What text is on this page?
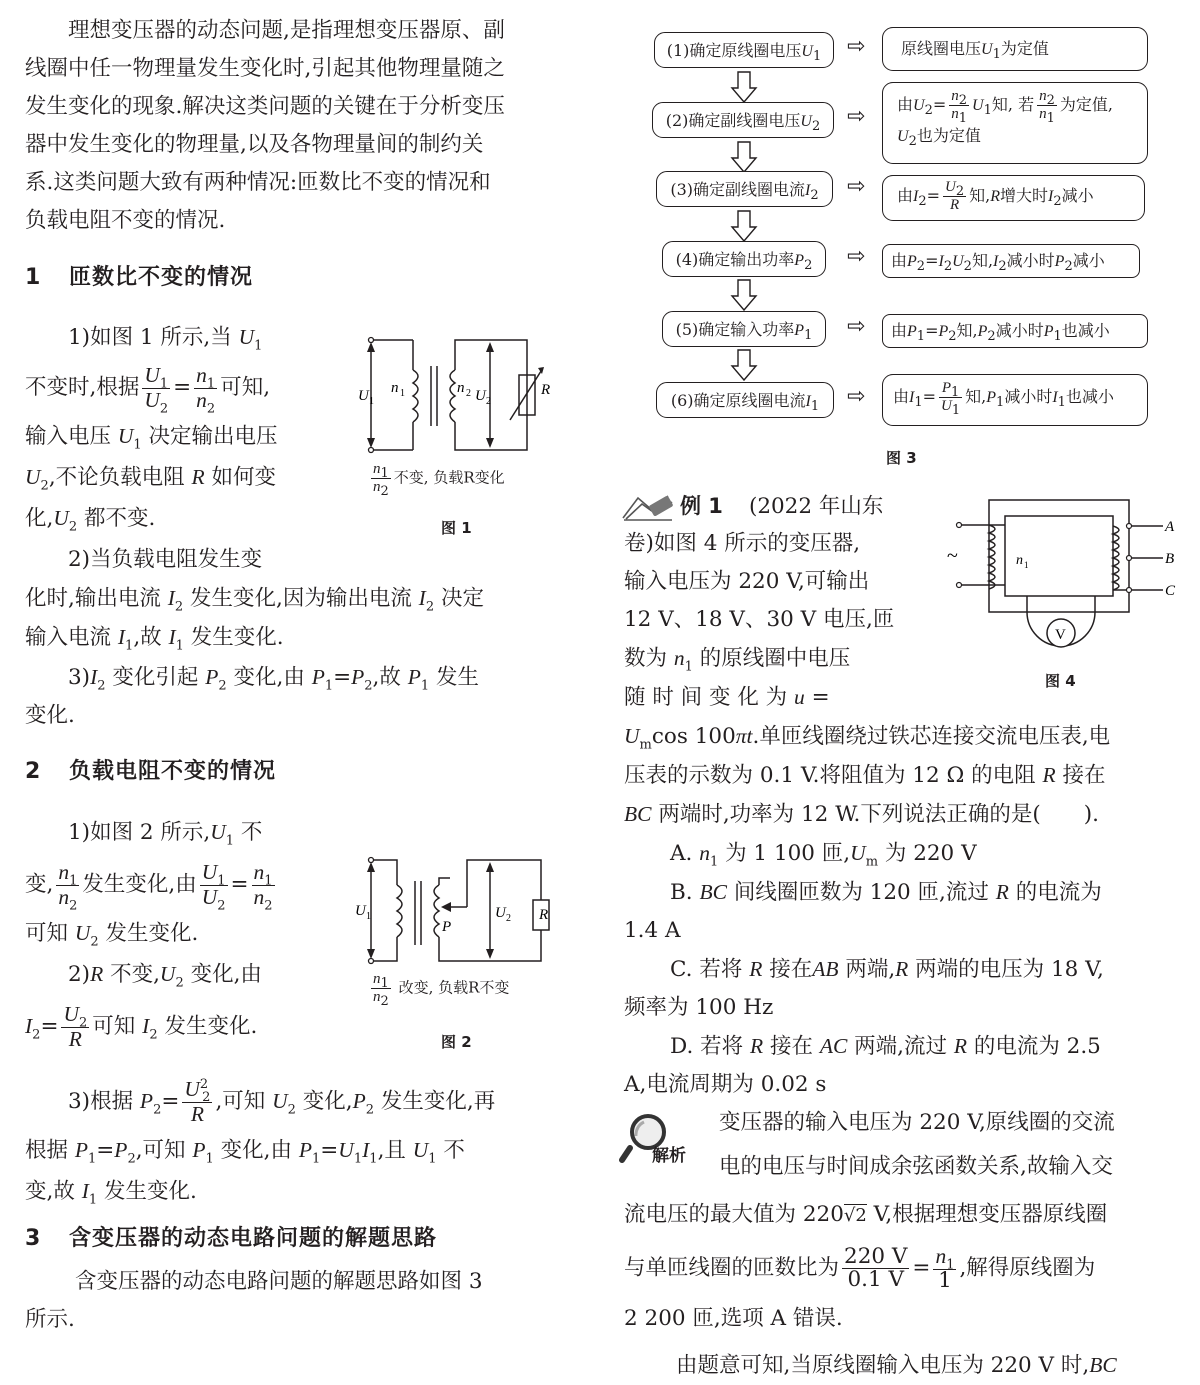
理想变压器的动态问题,是指理想变压器原、副
线圈中任一物理量发生变化时,引起其他物理量随之
发生变化的现象.解决这类问题的关键在于分析变压
器中发生变化的物理量,以及各物理量间的制约关
系.这类问题大致有两种情况:匝数比不变的情况和
负载电阻不变的情况.
1 匝数比不变的情况
1)如图 1 所示,当 $U_1$
不变时,根据 $\frac{U_1}{U_2} = \frac{n_1}{n_2}$ 可知,
输入电压 $U_1$ 决定输出电压
$U_2$,不论负载电阻 R 如何变
化$,U_2$ 都不变.
U 1
n 1	n 2 U 2
R
$\frac{n_1}{n_2}$ 不变, 负载R变化
图 1
2)当负载电阻发生变
化时,输出电流 $I_2$ 发生变化,因为输出电流 $I_2$ 决定
输入电流 $I_1$,故 $I_1$ 发生变化.
$3)I_2$ 变化引起 $P_2$ 变化,由 $P_1=P_2$,故 $P_1$ 发生
变化.
2 负载电阻不变的情况
1)如图 2 所示$,U_1$ 不
变, $\frac{n_1}{n_2}$ 发生变化,由 $\frac{U_1}{U_2} = \frac{n_1}{n_2}$
可知 $U_2$ 发生变化.
2)R 不变$,U_2$ 变化,由
$I_2= \frac{U_2}{R}$ 可知 $I_2$ 发生变化.
U 1
P
U 2 R
$\frac{n_1}{n_2}$ 改变, 负载R不变
图 2
3)根据 $P_2= \frac{U^2_2}{R}$ ,可知 $U_2$ 变化$,P_2$ 发生变化,再
根据 $P_1=P_2$,可知 $P_1$ 变化,由 $P_1=U_1I_1$,且 $U_1$ 不
变,故 $I_1$ 发生变化.
3 含变压器的动态电路问题的解题思路
含变压器的动态电路问题的解题思路如图 3
所示.
(1)确定原线圈电压$U_1$
(2)确定副线圈电压$U_2$
(3)确定副线圈电流$I_2$
(4)确定输出功率$P_2$
(5)确定输入功率$P_1$
(6)确定原线圈电流$I_1$
⇨
⇨
⇨
⇨
⇨
⇨
原线圈电压$U_1$为定值
由$U_2= \frac{n_2}{n_1} U_1$知, 若 $\frac{n_2}{n_1}$ 为定值,
$U_2$也为定值
由$I_2= \frac{U_2}{R}$ 知,R增大时$I_2$减小
由$P_2=I_2U_2$知$,I_2$减小时$P_2$减小
由$P_1=P_2$知$,P_2$减小时$P_1$也减小
由$I_1= \frac{P_1}{U_1}$ 知$,P_1$减小时$I_1$也减小
图 3
例 1 (2022 年山东
卷)如图 4 所示的变压器,
输入电压为 220 V,可输出
12 V、18 V、30 V 电压,匝
数为 $n_1$ 的原线圈中电压
随 时 间 变 化 为 u =
$U_m\cos$ 100πt.单匝线圈绕过铁芯连接交流电压表,电
压表的示数为 0.1 V.将阻值为 12 Ω 的电阻 R 接在
BC 两端时,功率为 12 W.下列说法正确的是(　　).
A. $n_1$ 为 1 100 匝$,U_m$ 为 220 V
B. BC 间线圈匝数为 120 匝,流过 R 的电流为
1.4 A
C. 若将 R 接在AB 两端,R 两端的电压为 18 V,
频率为 100 Hz
D. 若将 R 接在 AC 两端,流过 R 的电流为 2.5
A,电流周期为 0.02 s
V
~	n 1
A
B
C
图 4
解析
变压器的输入电压为 220 V,原线圈的交流
电的电压与时间成余弦函数关系,故输入交
流电压的最大值为 220√2 V,根据理想变压器原线圈
与单匝线圈的匝数比为 $\frac{220 V}{0.1 V} = \frac{n_1}{1}$ ,解得原线圈为
2 200 匝,选项 A 错误.
由题意可知,当原线圈输入电压为 220 V 时,BC
